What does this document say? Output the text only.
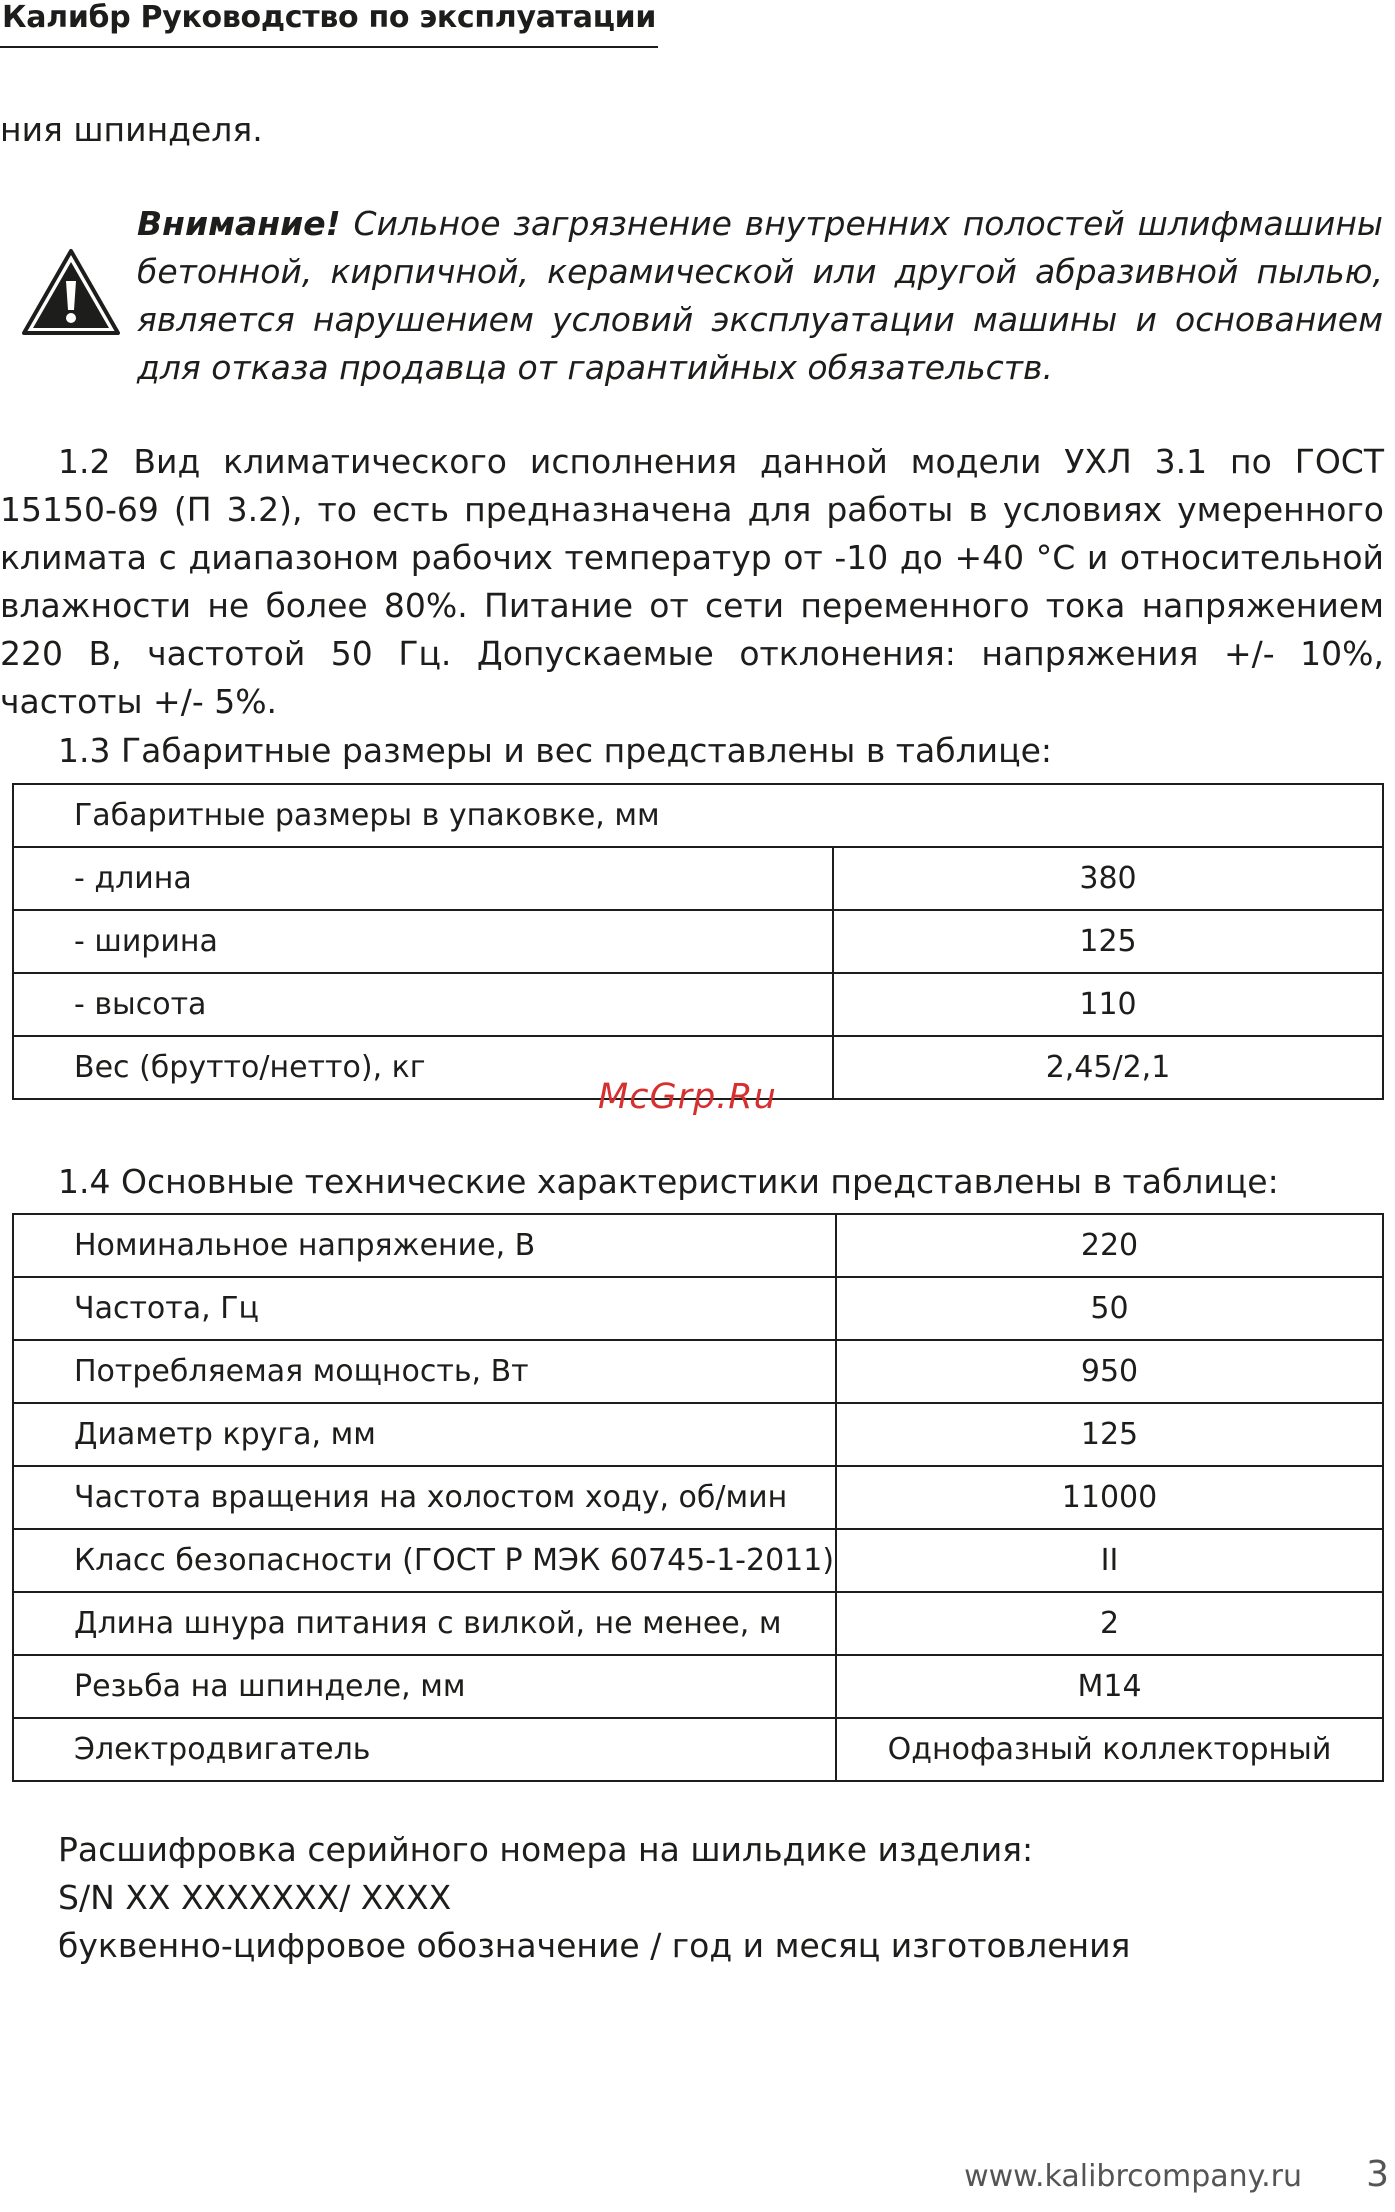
Калибр Руководство по эксплуатации

ния шпинделя.

Внимание! Сильное загрязнение внутренних полостей шлифмашины бетонной, кирпичной, керамической или другой абразивной пылью, является нарушением условий эксплуатации машины и основанием для отказа продавца от гарантийных обязательств.

1.2 Вид климатического исполнения данной модели УХЛ 3.1 по ГОСТ 15150-69 (П 3.2), то есть предназначена для работы в условиях умеренного климата с диапазоном рабочих температур от -10 до +40 °С и относительной влажности не более 80%. Питание от сети переменного тока напряжением 220 В, частотой 50 Гц. Допускаемые отклонения: напряжения +/- 10%, частоты +/- 5%.

1.3 Габаритные размеры и вес представлены в таблице:
Габаритные размеры в упаковке, мм	
- длина	380
- ширина	125
- высота	110
Вес (брутто/нетто), кг	2,45/2,1
McGrp.Ru
1.4 Основные технические характеристики представлены в таблице:
Номинальное напряжение, В	220
Частота, Гц	50
Потребляемая мощность, Вт	950
Диаметр круга, мм	125
Частота вращения на холостом ходу, об/мин	11000
Класс безопасности (ГОСТ Р МЭК 60745-1-2011)	II
Длина шнура питания с вилкой, не менее, м	2
Резьба на шпинделе, мм	M14
Электродвигатель	Однофазный коллекторный
Расшифровка серийного номера на шильдике изделия:
S/N XX XXXXXXX/ XXXX
буквенно-цифровое обозначение / год и месяц изготовления
www.kalibrcompany.ru 3
